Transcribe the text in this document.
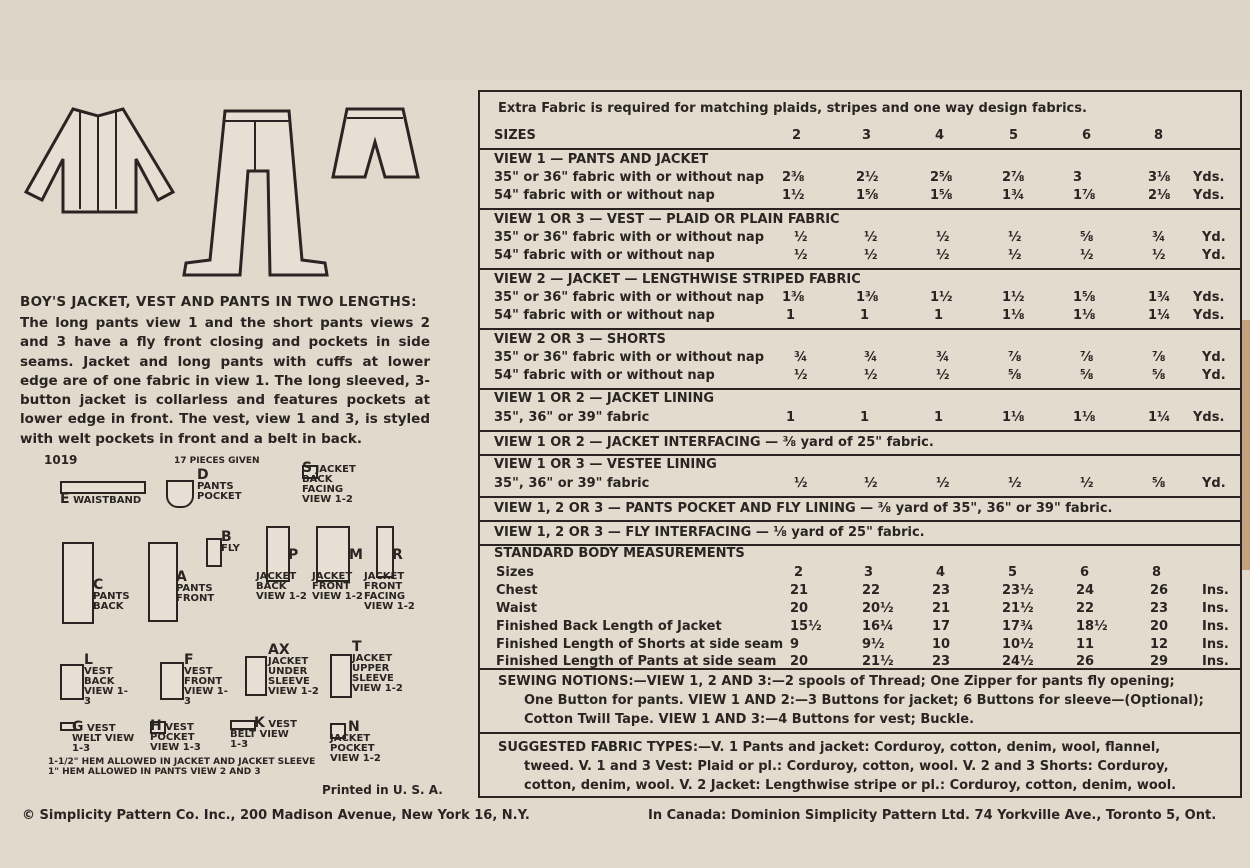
BOY'S JACKET, VEST AND PANTS IN TWO LENGTHS:
The long pants view 1 and the short pants views 2 and 3 have a fly front closing and pockets in side seams. Jacket and long pants with cuffs at lower edge are of one fabric in view 1. The long sleeved, 3-button jacket is collarless and features pockets at lower edge in front. The vest, view 1 and 3, is styled with welt pockets in front and a belt in back.
1019	17 PIECES GIVEN
E WAISTBAND
D
PANTS POCKET
S JACKET BACK FACING VIEW 1-2
B
FLY
C
PANTS BACK
A
PANTS FRONT
P

JACKET BACK VIEW 1-2
M

JACKET FRONT VIEW 1-2
R

JACKET FRONT FACING VIEW 1-2
L
VEST BACK VIEW 1-3
F
VEST FRONT VIEW 1-3
AX
JACKET UNDER SLEEVE VIEW 1-2
T
JACKET UPPER SLEEVE VIEW 1-2
G VEST WELT VIEW 1-3
H VEST POCKET VIEW 1-3
K VEST BELT VIEW 1-3
N
JACKET POCKET VIEW 1-2
1-1/2" HEM ALLOWED IN JACKET AND JACKET SLEEVE
1" HEM ALLOWED IN PANTS VIEW 2 AND 3
Printed in U. S. A.
© Simplicity Pattern Co. Inc., 200 Madison Avenue, New York 16, N.Y.
Extra Fabric is required for matching plaids, stripes and one way design fabrics.
SIZES	2	3	4	5	6	8
VIEW 1 — PANTS AND JACKET
35" or 36" fabric with or without nap 2⅜	2½	2⅝	2⅞	3	3⅛ Yds.
54" fabric with or without nap	1½	1⅝	1⅝	1¾	1⅞	2⅛ Yds.
VIEW 1 OR 3 — VEST — PLAID OR PLAIN FABRIC
35" or 36" fabric with or without nap ½	½	½	½	⅝	¾	Yd.
54" fabric with or without nap	½	½	½	½	½	½	Yd.
VIEW 2 — JACKET — LENGTHWISE STRIPED FABRIC
35" or 36" fabric with or without nap 1⅜	1⅜	1½	1½	1⅝	1¾ Yds.
54" fabric with or without nap	1	1	1	1⅛	1⅛	1¼ Yds.
VIEW 2 OR 3 — SHORTS
35" or 36" fabric with or without nap ¾	¾	¾	⅞	⅞	⅞	Yd.
54" fabric with or without nap	½	½	½	⅝	⅝	⅝	Yd.
VIEW 1 OR 2 — JACKET LINING
35", 36" or 39" fabric	1	1	1	1⅛	1⅛	1¼ Yds.
VIEW 1 OR 2 — JACKET INTERFACING — ⅜ yard of 25" fabric.
VIEW 1 OR 3 — VESTEE LINING
35", 36" or 39" fabric	½	½	½	½	½	⅝	Yd.
VIEW 1, 2 OR 3 — PANTS POCKET AND FLY LINING — ⅜ yard of 35", 36" or 39" fabric.
VIEW 1, 2 OR 3 — FLY INTERFACING — ⅛ yard of 25" fabric.
STANDARD BODY MEASUREMENTS
Sizes	2	3	4	5	6	8
Chest	21	22	23	23½	24	26	Ins.
Waist	20	20½	21	21½	22	23	Ins.
Finished Back Length of Jacket	15½	16¼	17	17¾	18½	20	Ins.
Finished Length of Shorts at side seam 9	9½	10	10½	11	12	Ins.
Finished Length of Pants at side seam 20	21½	23	24½	26	29	Ins.
SEWING NOTIONS:—VIEW 1, 2 AND 3:—2 spools of Thread; One Zipper for pants fly opening;
One Button for pants. VIEW 1 AND 2:—3 Buttons for jacket; 6 Buttons for sleeve—(Optional);
Cotton Twill Tape. VIEW 1 AND 3:—4 Buttons for vest; Buckle.
SUGGESTED FABRIC TYPES:—V. 1 Pants and jacket: Corduroy, cotton, denim, wool, flannel,
tweed. V. 1 and 3 Vest: Plaid or pl.: Corduroy, cotton, wool. V. 2 and 3 Shorts: Corduroy,
cotton, denim, wool. V. 2 Jacket: Lengthwise stripe or pl.: Corduroy, cotton, denim, wool.
In Canada: Dominion Simplicity Pattern Ltd. 74 Yorkville Ave., Toronto 5, Ont.
